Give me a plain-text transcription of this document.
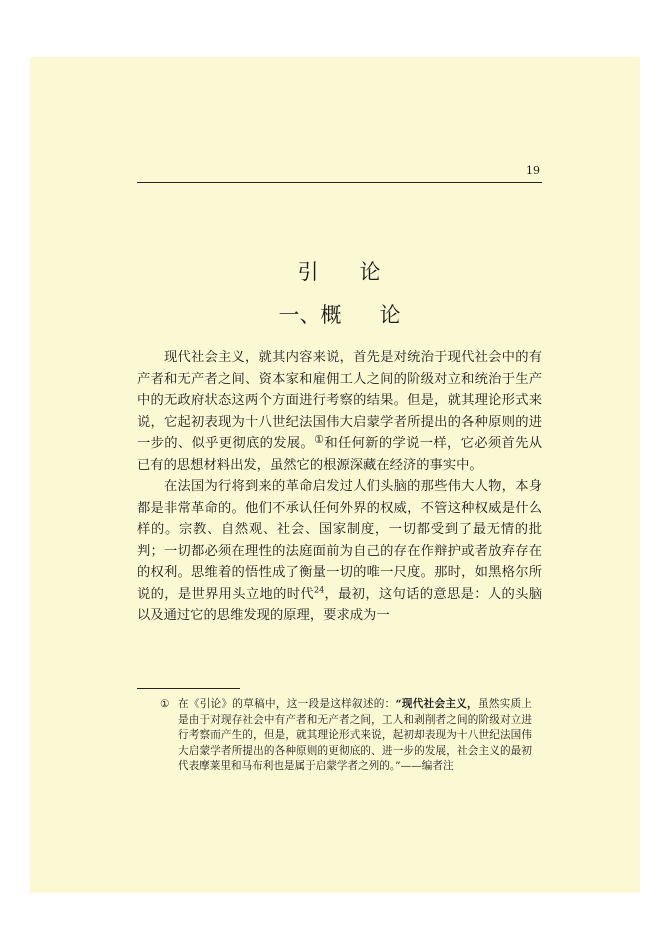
19
引 论
一、概 论

现代社会主义，就其内容来说，首先是对统治于现代社会中的有产者和无产者之间、资本家和雇佣工人之间的阶级对立和统治于生产中的无政府状态这两个方面进行考察的结果。但是，就其理论形式来说，它起初表现为十八世纪法国伟大启蒙学者所提出的各种原则的进一步的、似乎更彻底的发展。①和任何新的学说一样，它必须首先从已有的思想材料出发，虽然它的根源深藏在经济的事实中。

在法国为行将到来的革命启发过人们头脑的那些伟大人物，本身都是非常革命的。他们不承认任何外界的权威，不管这种权威是什么样的。宗教、自然观、社会、国家制度，一切都受到了最无情的批判；一切都必须在理性的法庭面前为自己的存在作辩护或者放弃存在的权利。思维着的悟性成了衡量一切的唯一尺度。那时，如黑格尔所说的，是世界用头立地的时代$^{24}$，最初，这句话的意思是：人的头脑以及通过它的思维发现的原理，要求成为一

① 在《引论》的草稿中，这一段是这样叙述的：“现代社会主义，虽然实质上是由于对现存社会中有产者和无产者之间，工人和剥削者之间的阶级对立进行考察而产生的，但是，就其理论形式来说，起初却表现为十八世纪法国伟大启蒙学者所提出的各种原则的更彻底的、进一步的发展，社会主义的最初代表摩莱里和马布利也是属于启蒙学者之列的。”——编者注
